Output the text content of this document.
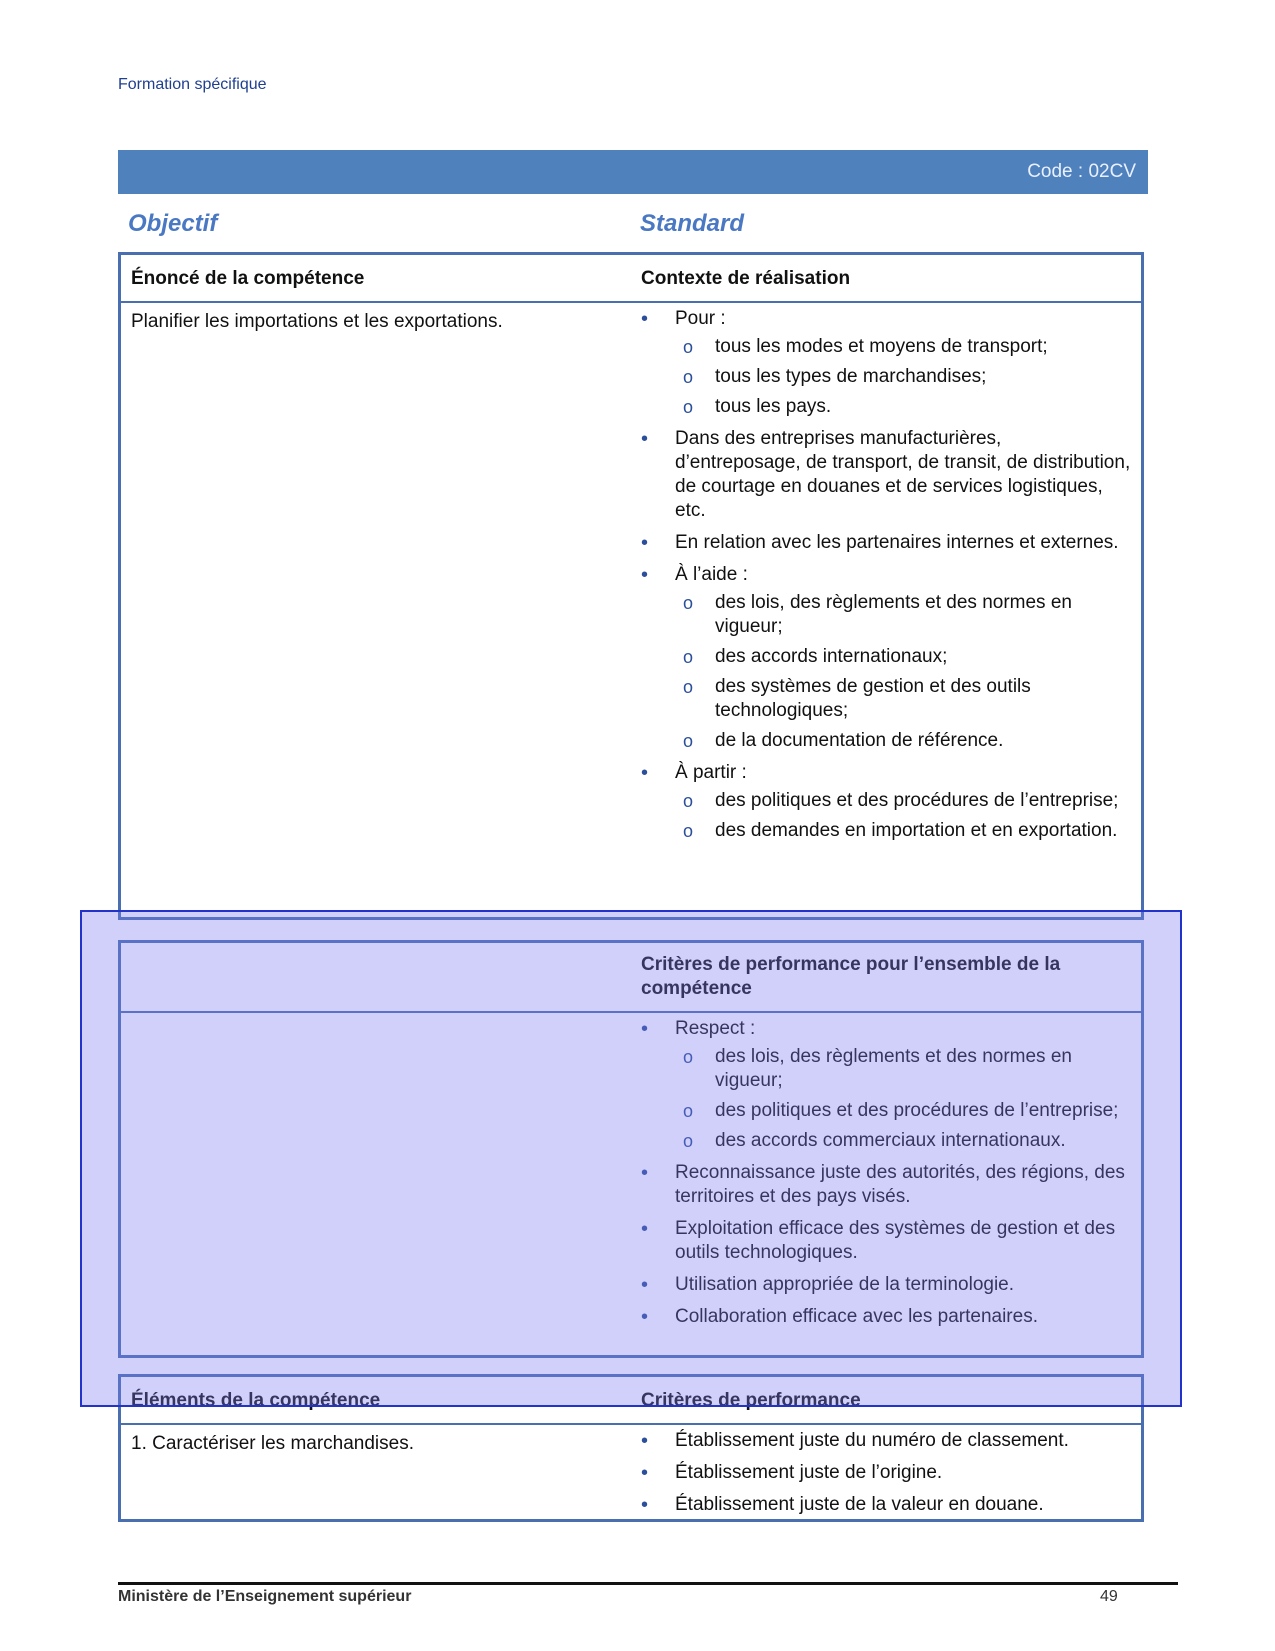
Formation spécifique
Code : 02CV
Objectif	Standard
Énoncé de la compétence	Contexte de réalisation
Planifier les importations et les exportations.	• Pour :
o tous les modes et moyens de transport;
o tous les types de marchandises;
o tous les pays.
• Dans des entreprises manufacturières, d’entreposage, de transport, de transit, de distribution, de courtage en douanes et de services logistiques, etc.
• En relation avec les partenaires internes et externes.
• À l’aide :
o des lois, des règlements et des normes en vigueur;
o des accords internationaux;
o des systèmes de gestion et des outils technologiques;
o de la documentation de référence.
• À partir :
o des politiques et des procédures de l’entreprise;
o des demandes en importation et en exportation.
Critères de performance pour l’ensemble de la compétence
• Respect :
o des lois, des règlements et des normes en vigueur;
o des politiques et des procédures de l’entreprise;
o des accords commerciaux internationaux.
• Reconnaissance juste des autorités, des régions, des territoires et des pays visés.
• Exploitation efficace des systèmes de gestion et des outils technologiques.
• Utilisation appropriée de la terminologie.
• Collaboration efficace avec les partenaires.
Éléments de la compétence	Critères de performance
1. Caractériser les marchandises.	• Établissement juste du numéro de classement.
• Établissement juste de l’origine.
• Établissement juste de la valeur en douane.
Ministère de l’Enseignement supérieur	49
